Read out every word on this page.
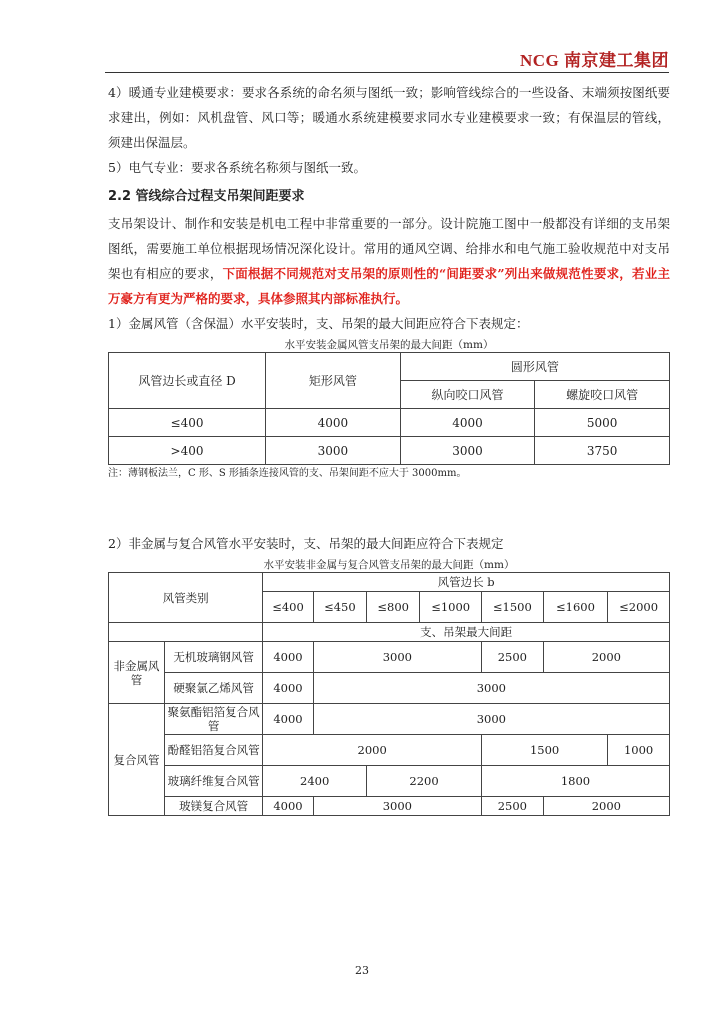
NCG 南京建工集团

4）暖通专业建模要求：要求各系统的命名须与图纸一致；影响管线综合的一些设备、末端须按图纸要求建出，例如：风机盘管、风口等；暖通水系统建模要求同水专业建模要求一致；有保温层的管线，须建出保温层。

5）电气专业：要求各系统名称须与图纸一致。

2.2 管线综合过程支吊架间距要求

支吊架设计、制作和安装是机电工程中非常重要的一部分。设计院施工图中一般都没有详细的支吊架图纸，需要施工单位根据现场情况深化设计。常用的通风空调、给排水和电气施工验收规范中对支吊架也有相应的要求，下面根据不同规范对支吊架的原则性的“间距要求”列出来做规范性要求，若业主万豪方有更为严格的要求，具体参照其内部标准执行。

1）金属风管（含保温）水平安装时，支、吊架的最大间距应符合下表规定：

水平安装金属风管支吊架的最大间距（mm）
风管边长或直径 D	矩形风管	圆形风管	
		纵向咬口风管	螺旋咬口风管
≤400	4000	4000	5000
>400	3000	3000	3750
注：薄钢板法兰，C 形、S 形插条连接风管的支、吊架间距不应大于 3000mm。

2）非金属与复合风管水平安装时，支、吊架的最大间距应符合下表规定

水平安装非金属与复合风管支吊架的最大间距（mm）
风管类别		风管边长 b						
		≤400	≤450	≤800	≤1000	≤1500	≤1600	≤2000
		支、吊架最大间距						
非金属风管	无机玻璃钢风管	4000	3000			2500	2000	
	硬聚氯乙烯风管	4000	3000					
复合风管	聚氨酯铝箔复合风管	4000	3000					
	酚醛铝箔复合风管	2000				1500		1000
	玻璃纤维复合风管	2400		2200		1800		
	玻镁复合风管	4000	3000			2500	2000	
23
